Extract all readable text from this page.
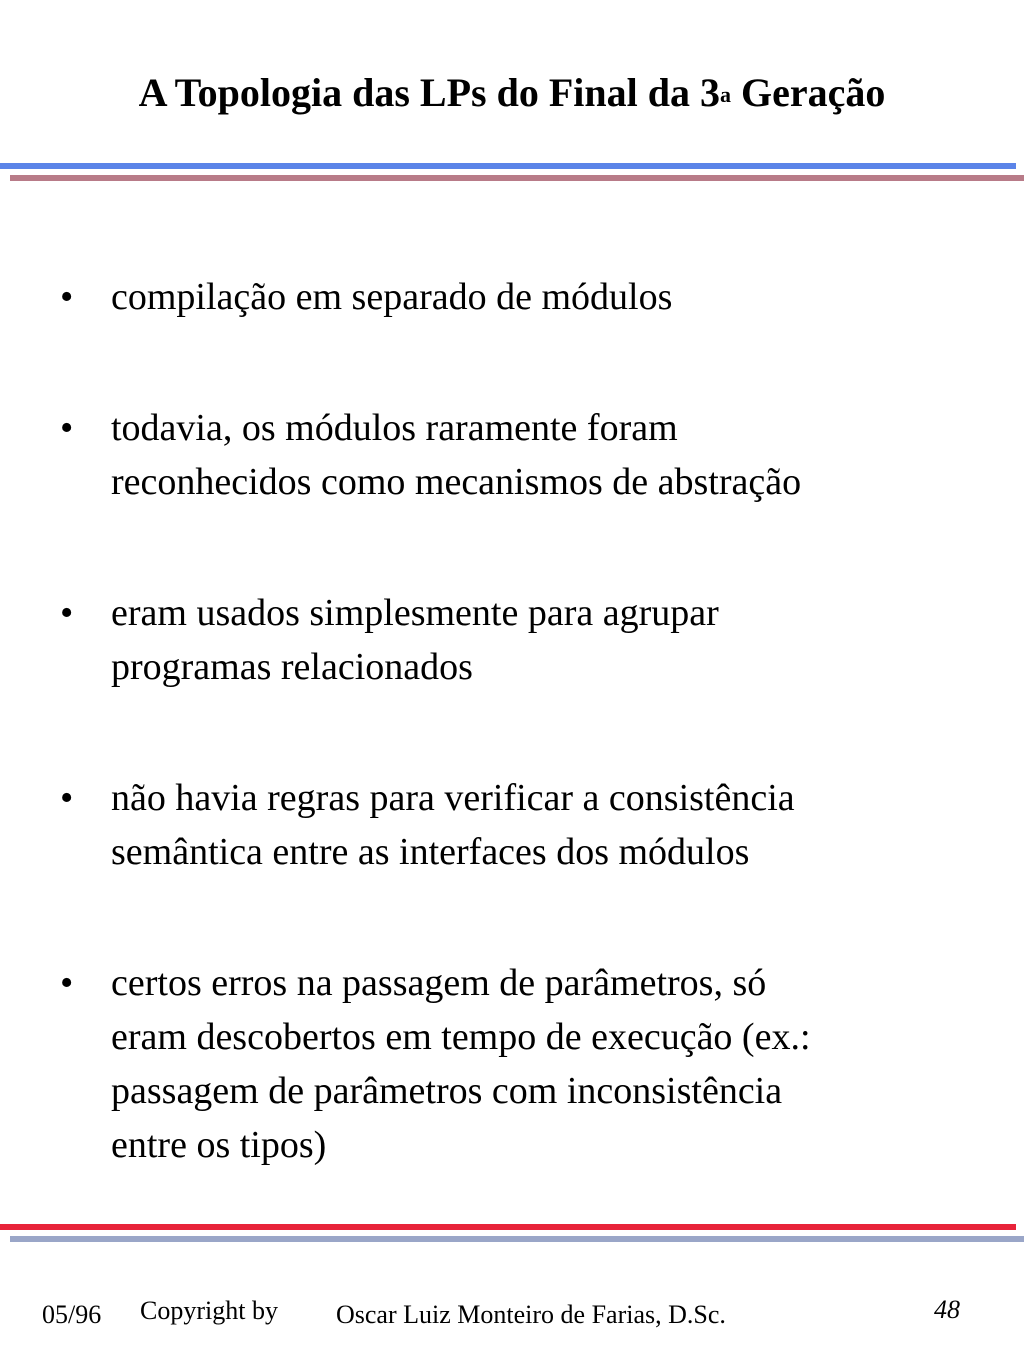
A Topologia das LPs do Final da 3$^a$ Geração
• compilação em separado de módulos
• todavia, os módulos raramente foram
reconhecidos como mecanismos de abstração
• eram usados simplesmente para agrupar
programas relacionados
• não havia regras para verificar a consistência
semântica entre as interfaces dos módulos
• certos erros na passagem de parâmetros, só
eram descobertos em tempo de execução (ex.:
passagem de parâmetros com inconsistência
entre os tipos)
05/96 Copyright by Oscar Luiz Monteiro de Farias, D.Sc.	48
